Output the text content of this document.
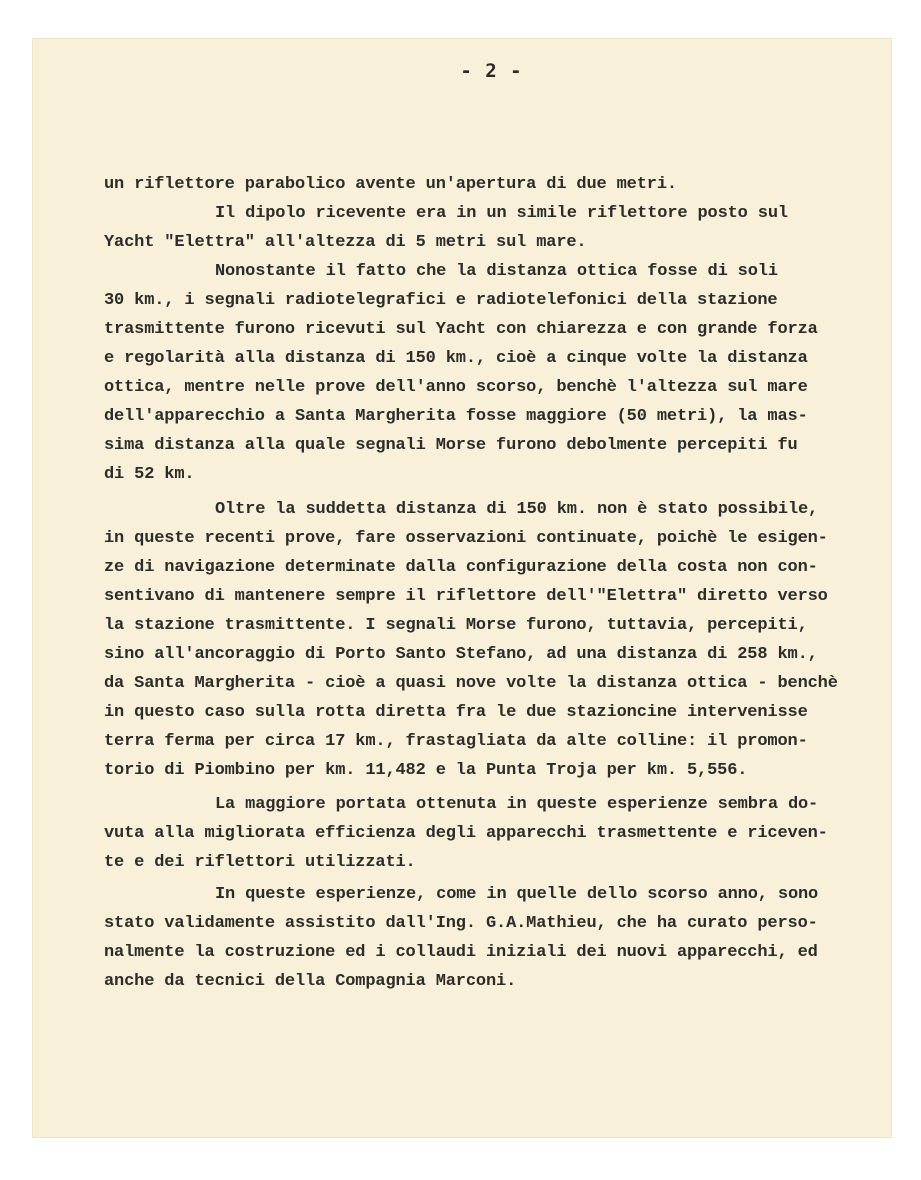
- 2 -
un riflettore parabolico avente un'apertura di due metri.
Il dipolo ricevente era in un simile riflettore posto sul
Yacht "Elettra" all'altezza di 5 metri sul mare.
Nonostante il fatto che la distanza ottica fosse di soli
30 km., i segnali radiotelegrafici e radiotelefonici della stazione
trasmittente furono ricevuti sul Yacht con chiarezza e con grande forza
e regolarità alla distanza di 150 km., cioè a cinque volte la distanza
ottica, mentre nelle prove dell'anno scorso, benchè l'altezza sul mare
dell'apparecchio a Santa Margherita fosse maggiore (50 metri), la mas-
sima distanza alla quale segnali Morse furono debolmente percepiti fu
di 52 km.
Oltre la suddetta distanza di 150 km. non è stato possibile,
in queste recenti prove, fare osservazioni continuate, poichè le esigen-
ze di navigazione determinate dalla configurazione della costa non con-
sentivano di mantenere sempre il riflettore dell'"Elettra" diretto verso
la stazione trasmittente. I segnali Morse furono, tuttavia, percepiti,
sino all'ancoraggio di Porto Santo Stefano, ad una distanza di 258 km.,
da Santa Margherita - cioè a quasi nove volte la distanza ottica - benchè
in questo caso sulla rotta diretta fra le due stazioncine intervenisse
terra ferma per circa 17 km., frastagliata da alte colline: il promon-
torio di Piombino per km. 11,482 e la Punta Troja per km. 5,556.
La maggiore portata ottenuta in queste esperienze sembra do-
vuta alla migliorata efficienza degli apparecchi trasmettente e riceven-
te e dei riflettori utilizzati.
In queste esperienze, come in quelle dello scorso anno, sono
stato validamente assistito dall'Ing. G.A.Mathieu, che ha curato perso-
nalmente la costruzione ed i collaudi iniziali dei nuovi apparecchi, ed
anche da tecnici della Compagnia Marconi.
